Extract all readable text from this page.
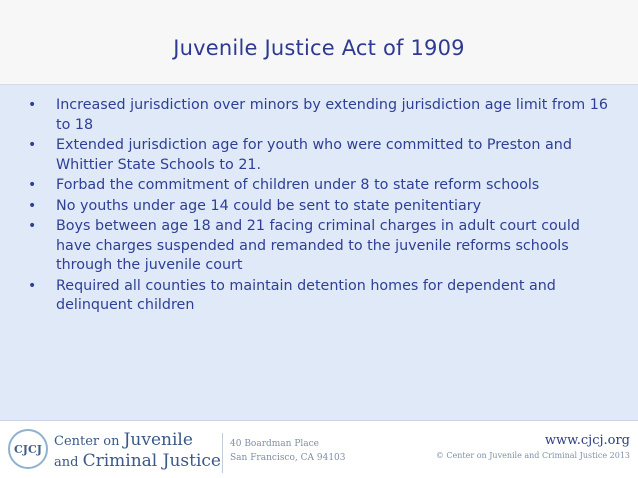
Juvenile Justice Act of 1909
• Increased jurisdiction over minors by extending jurisdiction age limit from 16 to 18
• Extended jurisdiction age for youth who were committed to Preston and Whittier State Schools to 21.
• Forbad the commitment of children under 8 to state reform schools
• No youths under age 14 could be sent to state penitentiary
• Boys between age 18 and 21 facing criminal charges in adult court could have charges suspended and remanded to the juvenile reforms schools through the juvenile court
• Required all counties to maintain detention homes for dependent and delinquent children
CJCJ Center on Juvenile
and Criminal Justice
40 Boardman Place
San Francisco, CA 94103
www.cjcj.org
© Center on Juvenile and Criminal Justice 2013
